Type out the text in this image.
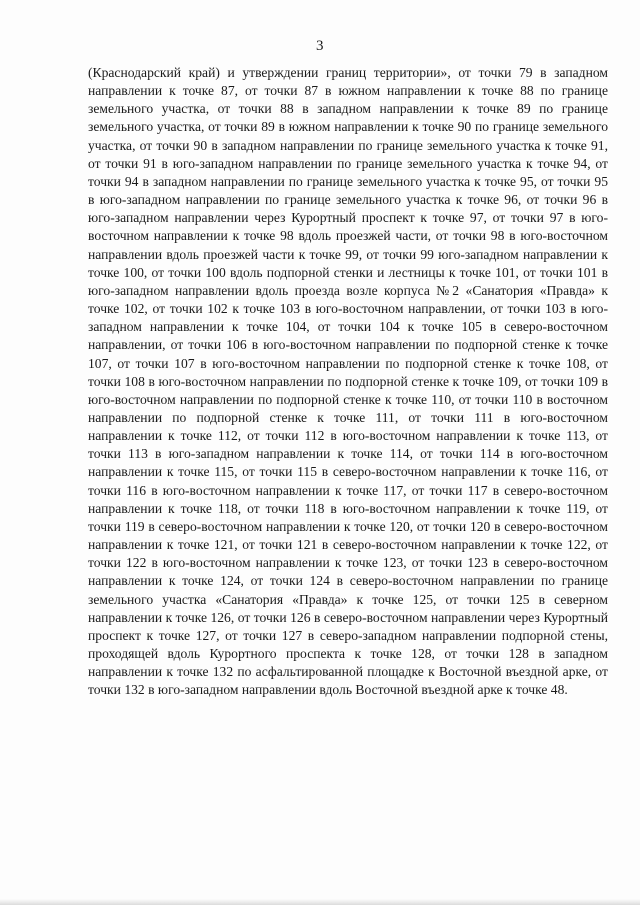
3

(Краснодарский край) и утверждении границ территории», от точки 79 в западном направлении к точке 87, от точки 87 в южном направлении к точке 88 по границе земельного участка, от точки 88 в западном направлении к точке 89 по границе земельного участка, от точки 89 в южном направлении к точке 90 по границе земельного участка, от точки 90 в западном направлении по границе земельного участка к точке 91, от точки 91 в юго-западном направлении по границе земельного участка к точке 94, от точки 94 в западном направлении по границе земельного участка к точке 95, от точки 95 в юго-западном направлении по границе земельного участка к точке 96, от точки 96 в юго-западном направлении через Курортный проспект к точке 97, от точки 97 в юго-восточном направлении к точке 98 вдоль проезжей части, от точки 98 в юго-восточном направлении вдоль проезжей части к точке 99, от точки 99 юго-западном направлении к точке 100, от точки 100 вдоль подпорной стенки и лестницы к точке 101, от точки 101 в юго-западном направлении вдоль проезда возле корпуса №2 «Санатория «Правда» к точке 102, от точки 102 к точке 103 в юго-восточном направлении, от точки 103 в юго-западном направлении к точке 104, от точки 104 к точке 105 в северо-восточном направлении, от точки 106 в юго-восточном направлении по подпорной стенке к точке 107, от точки 107 в юго-восточном направлении по подпорной стенке к точке 108, от точки 108 в юго-восточном направлении по подпорной стенке к точке 109, от точки 109 в юго-восточном направлении по подпорной стенке к точке 110, от точки 110 в восточном направлении по подпорной стенке к точке 111, от точки 111 в юго-восточном направлении к точке 112, от точки 112 в юго-восточном направлении к точке 113, от точки 113 в юго-западном направлении к точке 114, от точки 114 в юго-восточном направлении к точке 115, от точки 115 в северо-восточном направлении к точке 116, от точки 116 в юго-восточном направлении к точке 117, от точки 117 в северо-восточном направлении к точке 118, от точки 118 в юго-восточном направлении к точке 119, от точки 119 в северо-восточном направлении к точке 120, от точки 120 в северо-восточном направлении к точке 121, от точки 121 в северо-восточном направлении к точке 122, от точки 122 в юго-восточном направлении к точке 123, от точки 123 в северо-восточном направлении к точке 124, от точки 124 в северо-восточном направлении по границе земельного участка «Санатория «Правда» к точке 125, от точки 125 в северном направлении к точке 126, от точки 126 в северо-восточном направлении через Курортный проспект к точке 127, от точки 127 в северо-западном направлении подпорной стены, проходящей вдоль Курортного проспекта к точке 128, от точки 128 в западном направлении к точке 132 по асфальтированной площадке к Восточной въездной арке, от точки 132 в юго-западном направлении вдоль Восточной въездной арке к точке 48.
